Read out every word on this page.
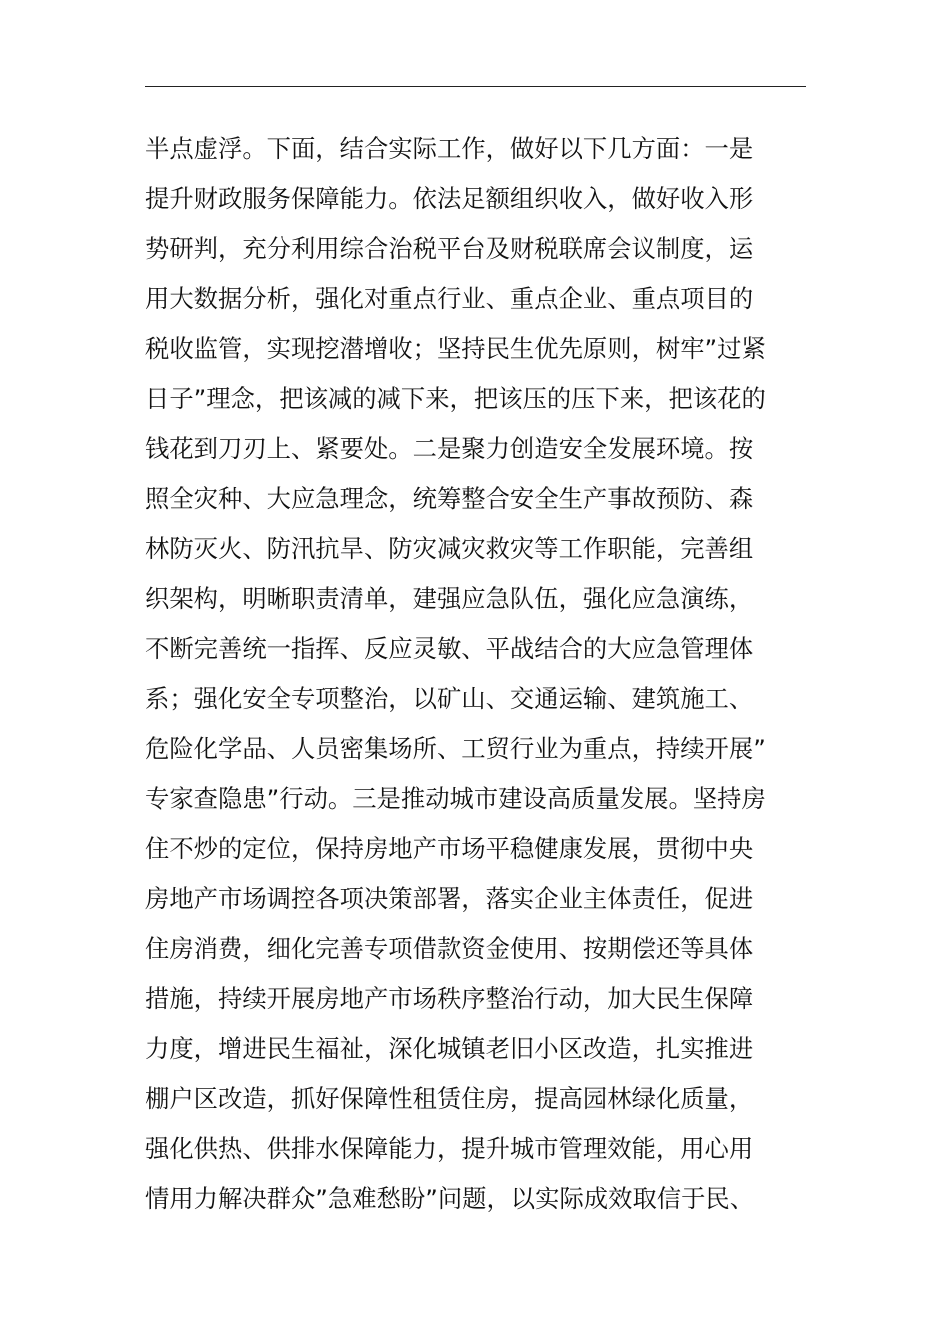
半点虚浮。下面，结合实际工作，做好以下几方面：一是
提升财政服务保障能力。依法足额组织收入，做好收入形
势研判，充分利用综合治税平台及财税联席会议制度，运
用大数据分析，强化对重点行业、重点企业、重点项目的
税收监管，实现挖潜增收；坚持民生优先原则，树牢”过紧
日子”理念，把该减的减下来，把该压的压下来，把该花的
钱花到刀刃上、紧要处。二是聚力创造安全发展环境。按
照全灾种、大应急理念，统筹整合安全生产事故预防、森
林防灭火、防汛抗旱、防灾减灾救灾等工作职能，完善组
织架构，明晰职责清单，建强应急队伍，强化应急演练，
不断完善统一指挥、反应灵敏、平战结合的大应急管理体
系；强化安全专项整治，以矿山、交通运输、建筑施工、
危险化学品、人员密集场所、工贸行业为重点，持续开展”
专家查隐患”行动。三是推动城市建设高质量发展。坚持房
住不炒的定位，保持房地产市场平稳健康发展，贯彻中央
房地产市场调控各项决策部署，落实企业主体责任，促进
住房消费，细化完善专项借款资金使用、按期偿还等具体
措施，持续开展房地产市场秩序整治行动，加大民生保障
力度，增进民生福祉，深化城镇老旧小区改造，扎实推进
棚户区改造，抓好保障性租赁住房，提高园林绿化质量，
强化供热、供排水保障能力，提升城市管理效能，用心用
情用力解决群众”急难愁盼”问题，以实际成效取信于民、
